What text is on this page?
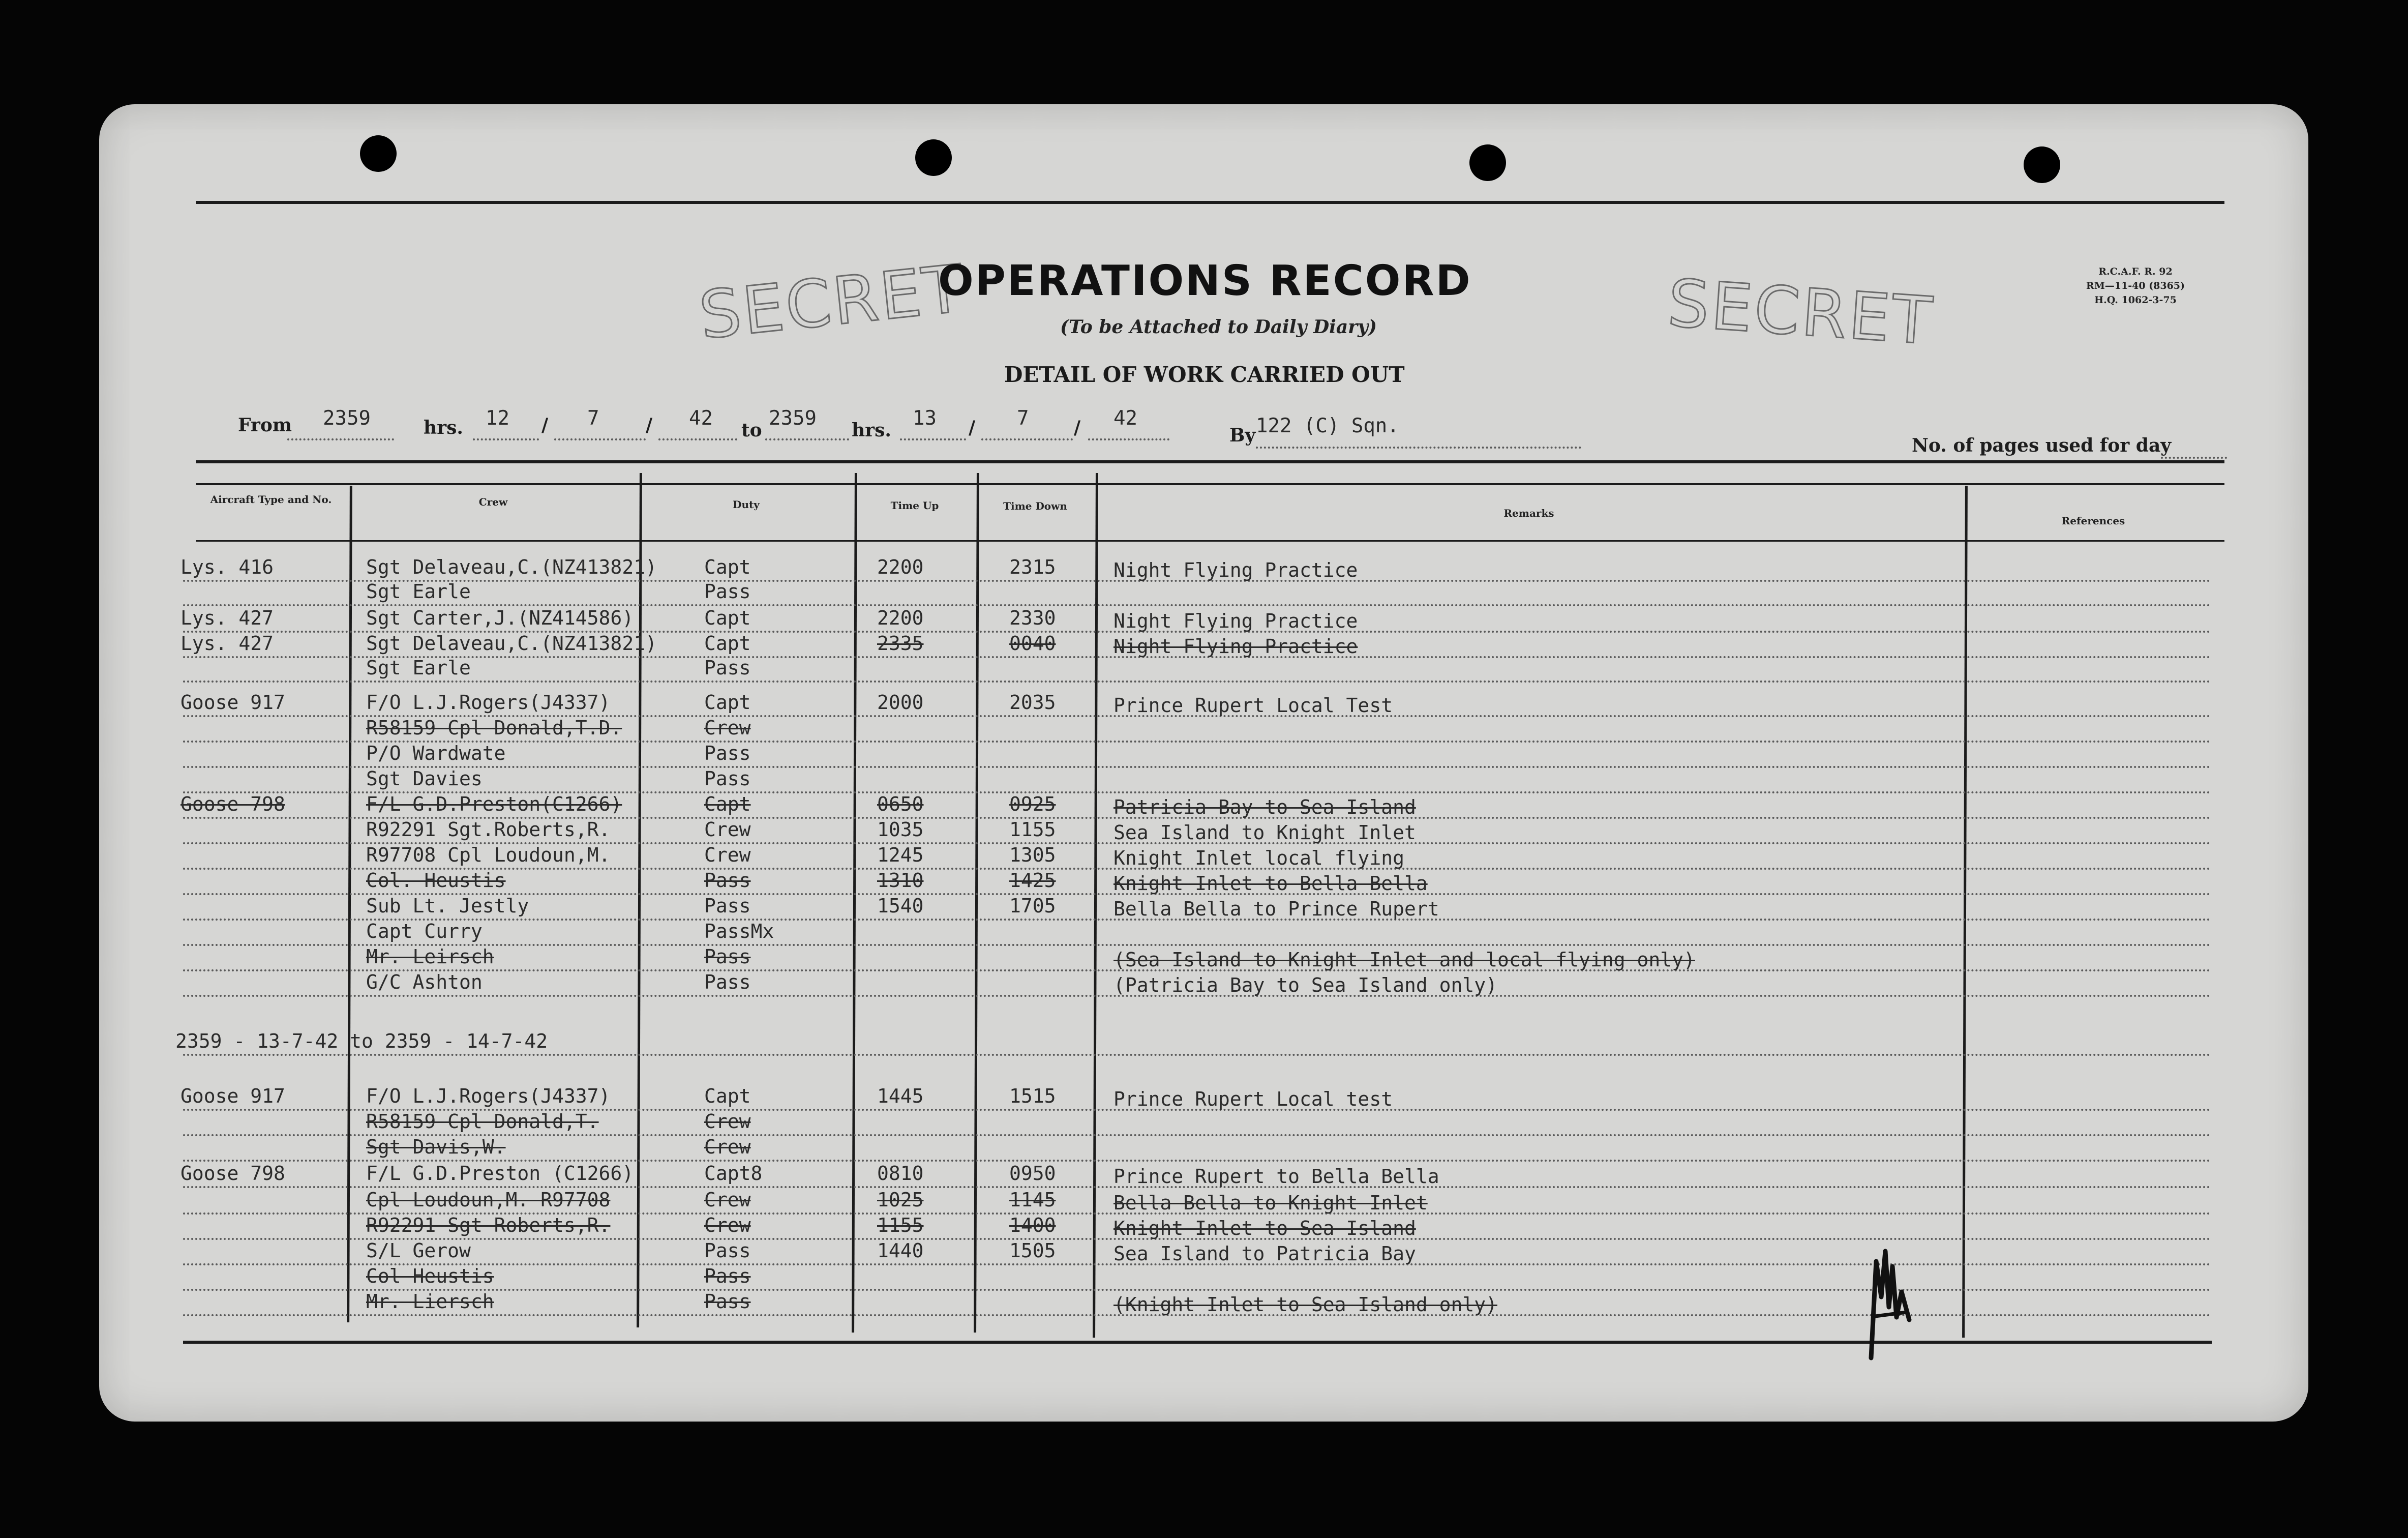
SECRET	SECRET
OPERATIONS RECORD
(To be Attached to Daily Diary)
DETAIL OF WORK CARRIED OUT
R.C.A.F. R. 92
RM—11-40 (8365)
H.Q. 1062-3-75
From 2359	hrs. 12 / 7	/ 42
to
2359
hrs.
13 / 7 / 42
By 122 (C) Sqn.
No. of pages used for day
Aircraft Type and No.	Crew	Duty	Time Up	Time Down
Remarks
References
Lys. 416	Sgt Delaveau,C.(NZ413821) Capt	2200	2315	Night Flying Practice
Sgt Earle	Pass
Lys. 427	Sgt Carter,J.(NZ414586)	Capt	2200	2330	Night Flying Practice
Lys. 427	Sgt Delaveau,C.(NZ413821) Capt	2335	0040	Night Flying Practice
Sgt Earle	Pass
Goose 917	F/O L.J.Rogers(J4337)	Capt	2000	2035	Prince Rupert Local Test
R58159 Cpl Donald,T.D.	Crew
P/O Wardwate	Pass
Sgt Davies	Pass
Goose 798	F/L G.D.Preston(C1266)	Capt	0650	0925	Patricia Bay to Sea Island
R92291 Sgt.Roberts,R.	Crew	1035	1155	Sea Island to Knight Inlet
R97708 Cpl Loudoun,M.	Crew	1245	1305	Knight Inlet local flying
Col. Heustis	Pass	1310	1425	Knight Inlet to Bella Bella
Sub Lt. Jestly	Pass	1540	1705	Bella Bella to Prince Rupert
Capt Curry	PassMx
Mr. Leirsch	Pass	(Sea Island to Knight Inlet and local flying only)
G/C Ashton	Pass	(Patricia Bay to Sea Island only)
2359 - 13-7-42 to 2359 - 14-7-42
Goose 917	F/O L.J.Rogers(J4337)	Capt	1445	1515	Prince Rupert Local test
R58159 Cpl Donald,T.	Crew
Sgt Davis,W.	Crew
Goose 798	F/L G.D.Preston (C1266)	Capt8	0810	0950	Prince Rupert to Bella Bella
Cpl Loudoun,M. R97708	Crew	1025	1145	Bella Bella to Knight Inlet
R92291 Sgt Roberts,R.	Crew	1155	1400	Knight Inlet to Sea Island
S/L Gerow	Pass	1440	1505	Sea Island to Patricia Bay
Col Heustis	Pass
Mr. Liersch	Pass	(Knight Inlet to Sea Island only)
